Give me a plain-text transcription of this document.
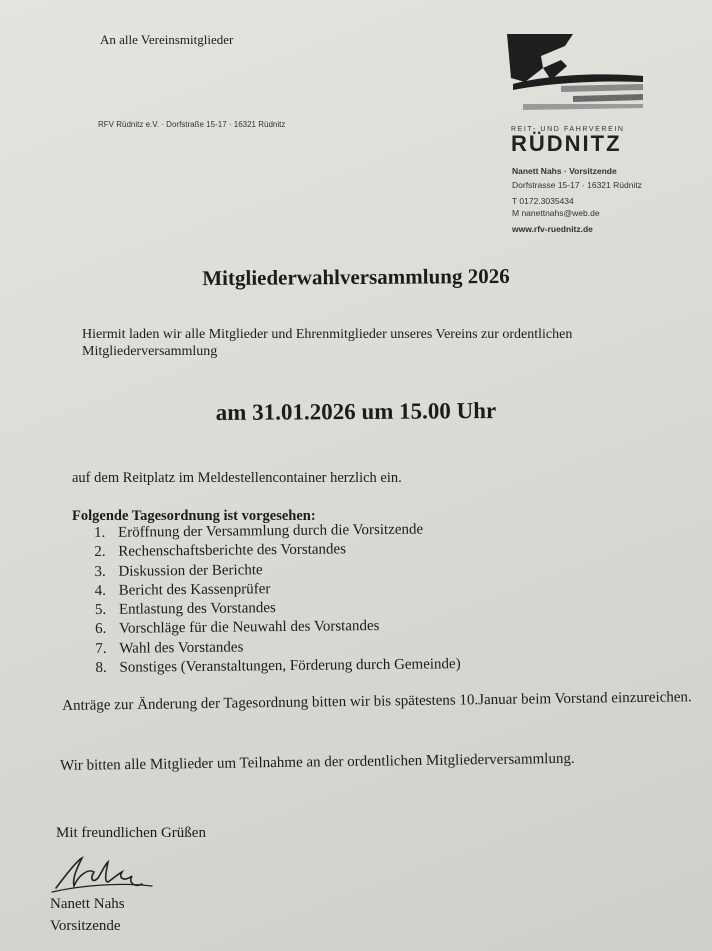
An alle Vereinsmitglieder
RFV Rüdnitz e.V. · Dorfstraße 15-17 · 16321 Rüdnitz
REIT- UND FAHRVEREIN
RÜDNITZ
Nanett Nahs · Vorsitzende
Dorfstrasse 15-17 · 16321 Rüdnitz
T 0172.3035434
M nanettnahs@web.de
www.rfv-ruednitz.de
Mitgliederwahlversammlung 2026
Hiermit laden wir alle Mitglieder und Ehrenmitglieder unseres Vereins zur ordentlichen Mitgliederversammlung
am 31.01.2026 um 15.00 Uhr
auf dem Reitplatz im Meldestellencontainer herzlich ein.
Folgende Tagesordnung ist vorgesehen:
1. Eröffnung der Versammlung durch die Vorsitzende
2. Rechenschaftsberichte des Vorstandes
3. Diskussion der Berichte
4. Bericht des Kassenprüfer
5. Entlastung des Vorstandes
6. Vorschläge für die Neuwahl des Vorstandes
7. Wahl des Vorstandes
8. Sonstiges (Veranstaltungen, Förderung durch Gemeinde)
Anträge zur Änderung der Tagesordnung bitten wir bis spätestens 10.Januar beim Vorstand einzureichen.
Wir bitten alle Mitglieder um Teilnahme an der ordentlichen Mitgliederversammlung.
Mit freundlichen Grüßen
Nanett Nahs
Vorsitzende
